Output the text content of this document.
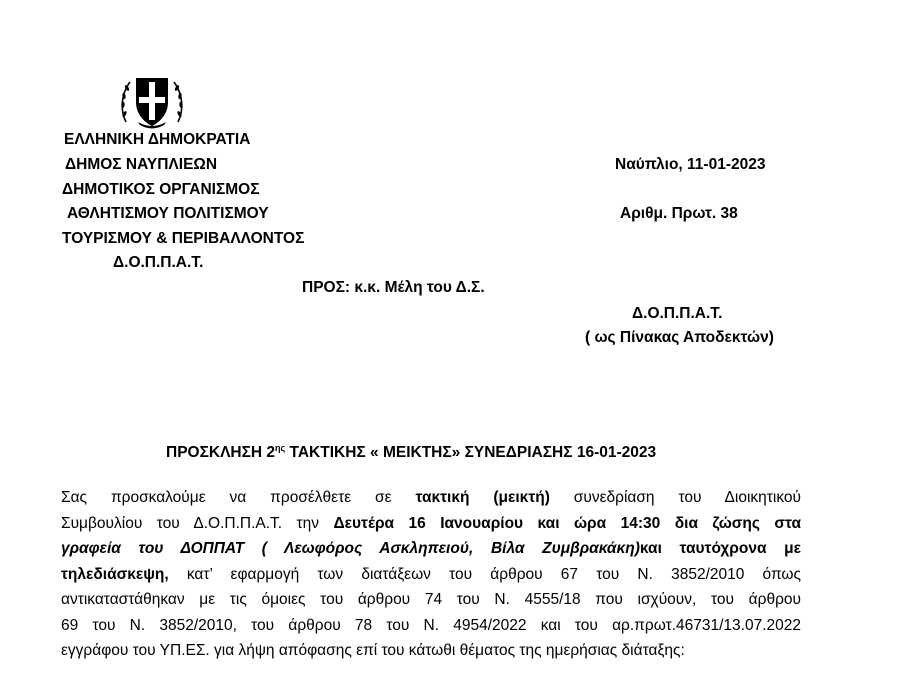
ΕΛΛΗΝΙΚΗ ΔΗΜΟΚΡΑΤΙΑ
ΔΗΜΟΣ ΝΑΥΠΛΙΕΩΝ
ΔΗΜΟΤΙΚΟΣ ΟΡΓΑΝΙΣΜΟΣ
ΑΘΛΗΤΙΣΜΟΥ ΠΟΛΙΤΙΣΜΟΥ
ΤΟΥΡΙΣΜΟΥ & ΠΕΡΙΒΑΛΛΟΝΤΟΣ
Δ.Ο.Π.Π.Α.Τ.
Ναύπλιο, 11-01-2023
Αριθμ. Πρωτ. 38
ΠΡΟΣ: κ.κ. Μέλη του Δ.Σ.
Δ.Ο.Π.Π.Α.Τ.
( ως Πίνακας Αποδεκτών)
ΠΡΟΣΚΛΗΣΗ $2^{\eta\varsigma}$ ΤΑΚΤΙΚΗΣ « ΜΕΙΚΤΗΣ» ΣΥΝΕΔΡΙΑΣΗΣ 16-01-2023
Σας προσκαλούμε να προσέλθετε σε τακτική (μεικτή) συνεδρίαση του Διοικητικού
Συμβουλίου του Δ.Ο.Π.Π.Α.Τ. την Δευτέρα 16 Ιανουαρίου και ώρα 14:30 δια ζώσης στα
γραφεία του ΔΟΠΠΑΤ ( Λεωφόρος Ασκληπειού, Βίλα Ζυμβρακάκη)και ταυτόχρονα με
τηλεδιάσκεψη, κατ’ εφαρμογή των διατάξεων του άρθρου 67 του Ν. 3852/2010 όπως
αντικαταστάθηκαν με τις όμοιες του άρθρου 74 του Ν. 4555/18 που ισχύουν, του άρθρου
69 του Ν. 3852/2010, του άρθρου 78 του Ν. 4954/2022 και του αρ.πρωτ.46731/13.07.2022
εγγράφου του ΥΠ.ΕΣ. για λήψη απόφασης επί του κάτωθι θέματος της ημερήσιας διάταξης:
